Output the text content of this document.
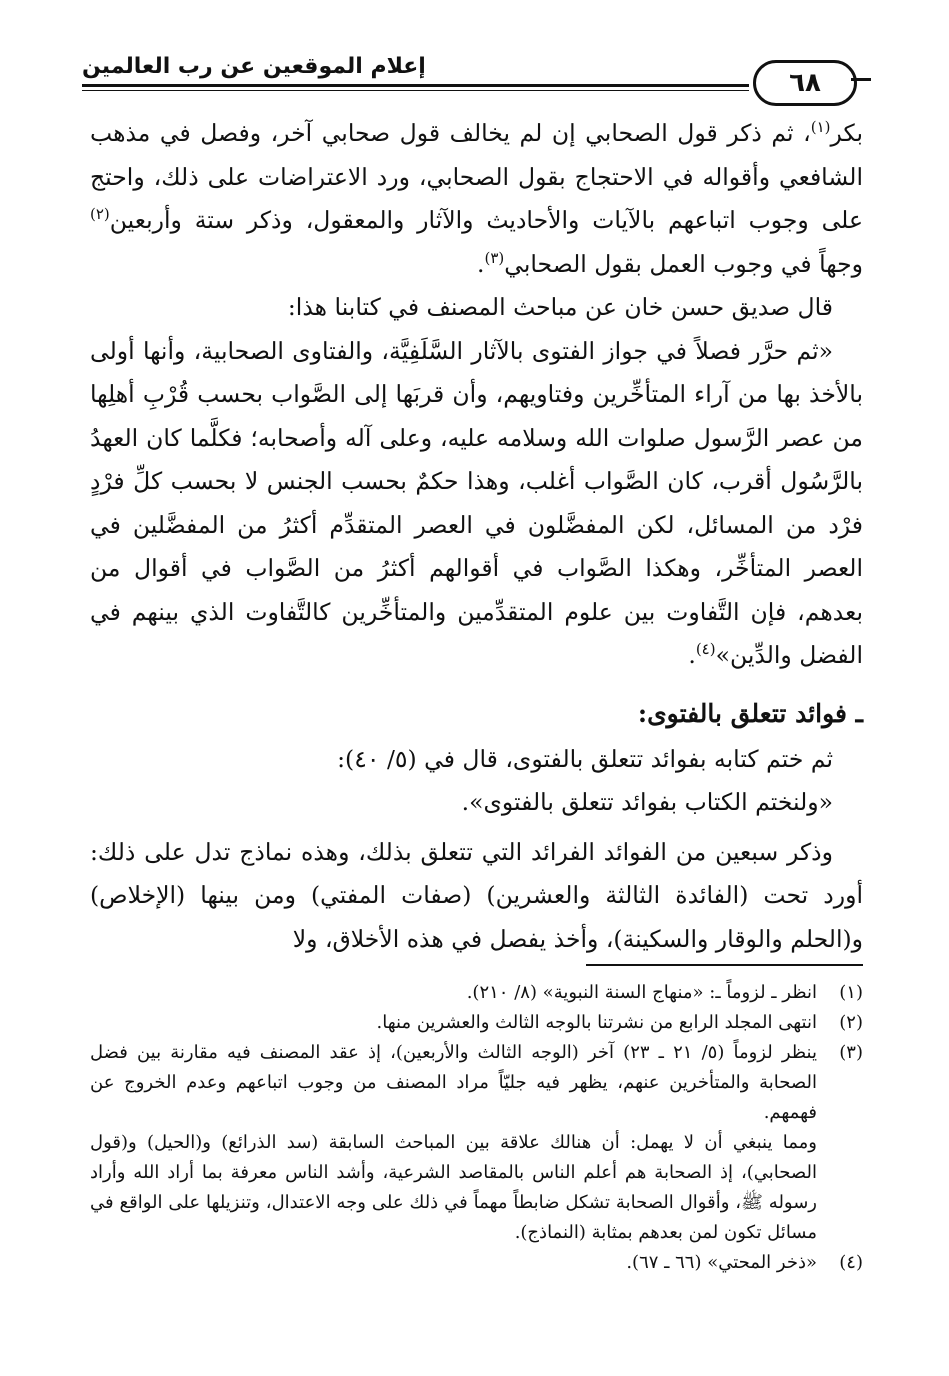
٦٨
إعلام الموقعين عن رب العالمين

بكر$^{(١)}$، ثم ذكر قول الصحابي إن لم يخالف قول صحابي آخر، وفصل في مذهب الشافعي وأقواله في الاحتجاج بقول الصحابي، ورد الاعتراضات على ذلك، واحتج على وجوب اتباعهم بالآيات والأحاديث والآثار والمعقول، وذكر ستة وأربعين$^{(٢)}$ وجهاً في وجوب العمل بقول الصحابي$^{(٣)}$.

قال صديق حسن خان عن مباحث المصنف في كتابنا هذا:

«ثم حرَّر فصلاً في جواز الفتوى بالآثار السَّلَفِيَّة، والفتاوى الصحابية، وأنها أولى بالأخذ بها من آراء المتأخِّرين وفتاويهم، وأن قربَها إلى الصَّواب بحسب قُرْبِ أهلِها من عصر الرَّسول صلوات الله وسلامه عليه، وعلى آله وأصحابه؛ فكلَّما كان العهدُ بالرَّسُول أقرب، كان الصَّواب أغلب، وهذا حكمٌ بحسب الجنس لا بحسب كلِّ فرْدٍ فرْد من المسائل، لكن المفضَّلون في العصر المتقدِّم أكثرُ من المفضَّلين في العصر المتأخِّر، وهكذا الصَّواب في أقوالهم أكثرُ من الصَّواب في أقوال من بعدهم، فإن التَّفاوت بين علوم المتقدِّمين والمتأخِّرين كالتَّفاوت الذي بينهم في الفضل والدِّين»$^{(٤)}$.

ـ فوائد تتعلق بالفتوى:

ثم ختم كتابه بفوائد تتعلق بالفتوى، قال في (٥/ ٤٠):

«ولنختم الكتاب بفوائد تتعلق بالفتوى».

وذكر سبعين من الفوائد الفرائد التي تتعلق بذلك، وهذه نماذج تدل على ذلك: أورد تحت (الفائدة الثالثة والعشرين) (صفات المفتي) ومن بينها (الإخلاص) و(الحلم والوقار والسكينة)، وأخذ يفصل في هذه الأخلاق، ولا

(١)
انظر ـ لزوماً ـ: «منهاج السنة النبوية» (٨/ ٢١٠).
(٢)
انتهى المجلد الرابع من نشرتنا بالوجه الثالث والعشرين منها.
(٣)
ينظر لزوماً (٥/ ٢١ ـ ٢٣) آخر (الوجه الثالث والأربعين)، إذ عقد المصنف فيه مقارنة بين فضل الصحابة والمتأخرين عنهم، يظهر فيه جليّاً مراد المصنف من وجوب اتباعهم وعدم الخروج عن فهمهم.
ومما ينبغي أن لا يهمل: أن هنالك علاقة بين المباحث السابقة (سد الذرائع) و(الحيل) و(قول الصحابي)، إذ الصحابة هم أعلم الناس بالمقاصد الشرعية، وأشد الناس معرفة بما أراد الله وأراد رسوله ﷺ، وأقوال الصحابة تشكل ضابطاً مهماً في ذلك على وجه الاعتدال، وتنزيلها على الواقع في مسائل تكون لمن بعدهم بمثابة (النماذج).
(٤)
«ذخر المحتي» (٦٦ ـ ٦٧).
